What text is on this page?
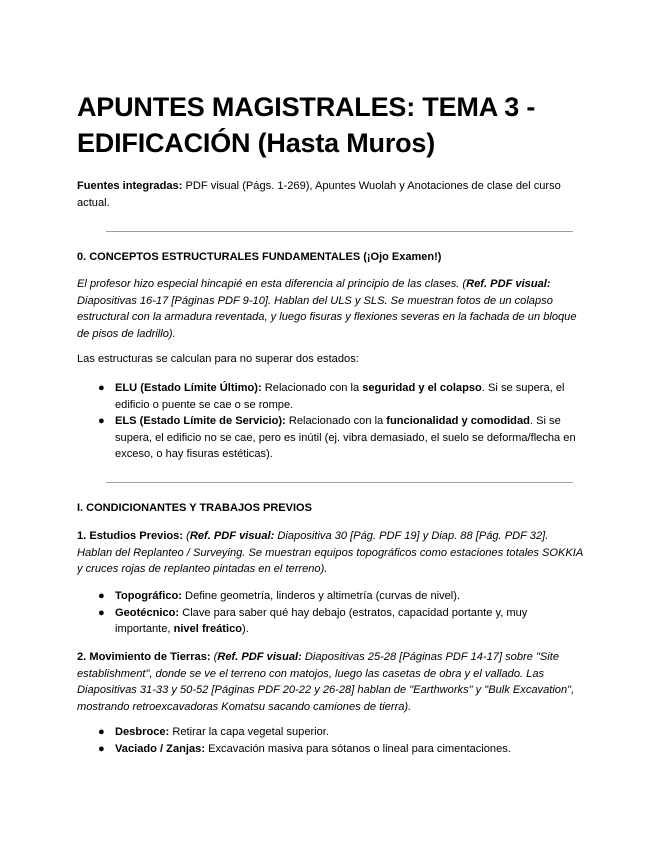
APUNTES MAGISTRALES: TEMA 3 - EDIFICACIÓN (Hasta Muros)

Fuentes integradas: PDF visual (Págs. 1-269), Apuntes Wuolah y Anotaciones de clase del curso actual.

0. CONCEPTOS ESTRUCTURALES FUNDAMENTALES (¡Ojo Examen!)

El profesor hizo especial hincapié en esta diferencia al principio de las clases. (Ref. PDF visual: Diapositivas 16-17 [Páginas PDF 9-10]. Hablan del ULS y SLS. Se muestran fotos de un colapso estructural con la armadura reventada, y luego fisuras y flexiones severas en la fachada de un bloque de pisos de ladrillo).

Las estructuras se calculan para no superar dos estados:

● ELU (Estado Límite Último): Relacionado con la seguridad y el colapso. Si se supera, el edificio o puente se cae o se rompe.
● ELS (Estado Límite de Servicio): Relacionado con la funcionalidad y comodidad. Si se supera, el edificio no se cae, pero es inútil (ej. vibra demasiado, el suelo se deforma/flecha en exceso, o hay fisuras estéticas).

I. CONDICIONANTES Y TRABAJOS PREVIOS

1. Estudios Previos: (Ref. PDF visual: Diapositiva 30 [Pág. PDF 19] y Diap. 88 [Pág. PDF 32]. Hablan del Replanteo / Surveying. Se muestran equipos topográficos como estaciones totales SOKKIA y cruces rojas de replanteo pintadas en el terreno).

● Topográfico: Define geometría, linderos y altimetría (curvas de nivel).
● Geotécnico: Clave para saber qué hay debajo (estratos, capacidad portante y, muy importante, nivel freático).

2. Movimiento de Tierras: (Ref. PDF visual: Diapositivas 25-28 [Páginas PDF 14-17] sobre "Site establishment", donde se ve el terreno con matojos, luego las casetas de obra y el vallado. Las Diapositivas 31-33 y 50-52 [Páginas PDF 20-22 y 26-28] hablan de "Earthworks" y "Bulk Excavation", mostrando retroexcavadoras Komatsu sacando camiones de tierra).

● Desbroce: Retirar la capa vegetal superior.
● Vaciado / Zanjas: Excavación masiva para sótanos o lineal para cimentaciones.
